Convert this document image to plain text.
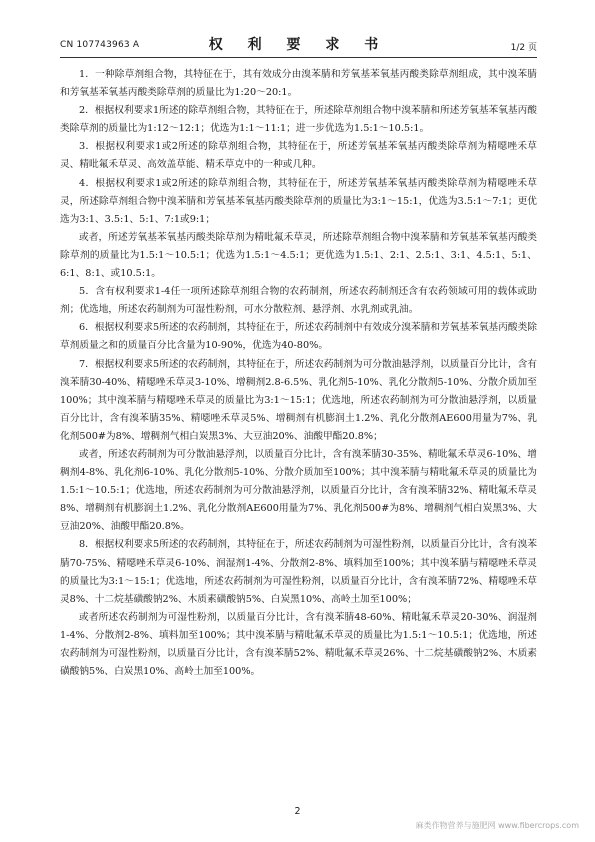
CN 107743963 A	权 利 要 求 书	1/2 页

1．一种除草剂组合物，其特征在于，其有效成分由溴苯腈和芳氧基苯氧基丙酸类除草剂组成，其中溴苯腈和芳氧基苯氧基丙酸类除草剂的质量比为1:20～20:1。

2．根据权利要求1所述的除草剂组合物，其特征在于，所述除草剂组合物中溴苯腈和所述芳氧基苯氧基丙酸类除草剂的质量比为1:12～12:1；优选为1:1～11:1；进一步优选为1.5:1～10.5:1。

3．根据权利要求1或2所述的除草剂组合物，其特征在于，所述芳氧基苯氧基丙酸类除草剂为精噁唑禾草灵、精吡氟禾草灵、高效盖草能、精禾草克中的一种或几种。

4．根据权利要求1或2所述的除草剂组合物，其特征在于，所述芳氧基苯氧基丙酸类除草剂为精噁唑禾草灵，所述除草剂组合物中溴苯腈和芳氧基苯氧基丙酸类除草剂的质量比为3:1～15:1，优选为3.5:1～7:1；更优选为3:1、3.5:1、5:1、7:1或9:1；

或者，所述芳氧基苯氧基丙酸类除草剂为精吡氟禾草灵，所述除草剂组合物中溴苯腈和芳氧基苯氧基丙酸类除草剂的质量比为1.5:1～10.5:1；优选为1.5:1～4.5:1；更优选为1.5:1、2:1、2.5:1、3:1、4.5:1、5:1、6:1、8:1、或10.5:1。

5．含有权利要求1-4任一项所述除草剂组合物的农药制剂，所述农药制剂还含有农药领域可用的载体或助剂；优选地，所述农药制剂为可湿性粉剂，可水分散粒剂、悬浮剂、水乳剂或乳油。

6．根据权利要求5所述的农药制剂，其特征在于，所述农药制剂中有效成分溴苯腈和芳氧基苯氧基丙酸类除草剂质量之和的质量百分比含量为10-90%，优选为40-80%。

7．根据权利要求5所述的农药制剂，其特征在于，所述农药制剂为可分散油悬浮剂，以质量百分比计，含有溴苯腈30-40%、精噁唑禾草灵3-10%、增稠剂2.8-6.5%、乳化剂5-10%、乳化分散剂5-10%、分散介质加至100%；其中溴苯腈与精噁唑禾草灵的质量比为3:1～15:1；优选地，所述农药制剂为可分散油悬浮剂，以质量百分比计，含有溴苯腈35%、精噁唑禾草灵5%、增稠剂有机膨润土1.2%、乳化分散剂AE600用量为7%、乳化剂500#为8%、增稠剂气相白炭黑3%、大豆油20%、油酸甲酯20.8%；

或者，所述农药制剂为可分散油悬浮剂，以质量百分比计，含有溴苯腈30-35%、精吡氟禾草灵6-10%、增稠剂4-8%、乳化剂6-10%、乳化分散剂5-10%、分散介质加至100%；其中溴苯腈与精吡氟禾草灵的质量比为1.5:1～10.5:1；优选地，所述农药制剂为可分散油悬浮剂，以质量百分比计，含有溴苯腈32%、精吡氟禾草灵8%、增稠剂有机膨润土1.2%、乳化分散剂AE600用量为7%、乳化剂500#为8%、增稠剂气相白炭黑3%、大豆油20%、油酸甲酯20.8%。

8．根据权利要求5所述的农药制剂，其特征在于，所述农药制剂为可湿性粉剂，以质量百分比计，含有溴苯腈70-75%、精噁唑禾草灵6-10%、润湿剂1-4%、分散剂2-8%、填料加至100%；其中溴苯腈与精噁唑禾草灵的质量比为3:1～15:1；优选地，所述农药制剂为可湿性粉剂，以质量百分比计，含有溴苯腈72%、精噁唑禾草灵8%、十二烷基磺酸钠2%、木质素磺酸钠5%、白炭黑10%、高岭土加至100%；

或者所述农药制剂为可湿性粉剂，以质量百分比计，含有溴苯腈48-60%、精吡氟禾草灵20-30%、润湿剂1-4%、分散剂2-8%、填料加至100%；其中溴苯腈与精吡氟禾草灵的质量比为1.5:1～10.5:1；优选地，所述农药制剂为可湿性粉剂，以质量百分比计，含有溴苯腈52%、精吡氟禾草灵26%、十二烷基磺酸钠2%、木质素磺酸钠5%、白炭黑10%、高岭土加至100%。

2
麻类作物营养与施肥网 www.fibercrops.com
